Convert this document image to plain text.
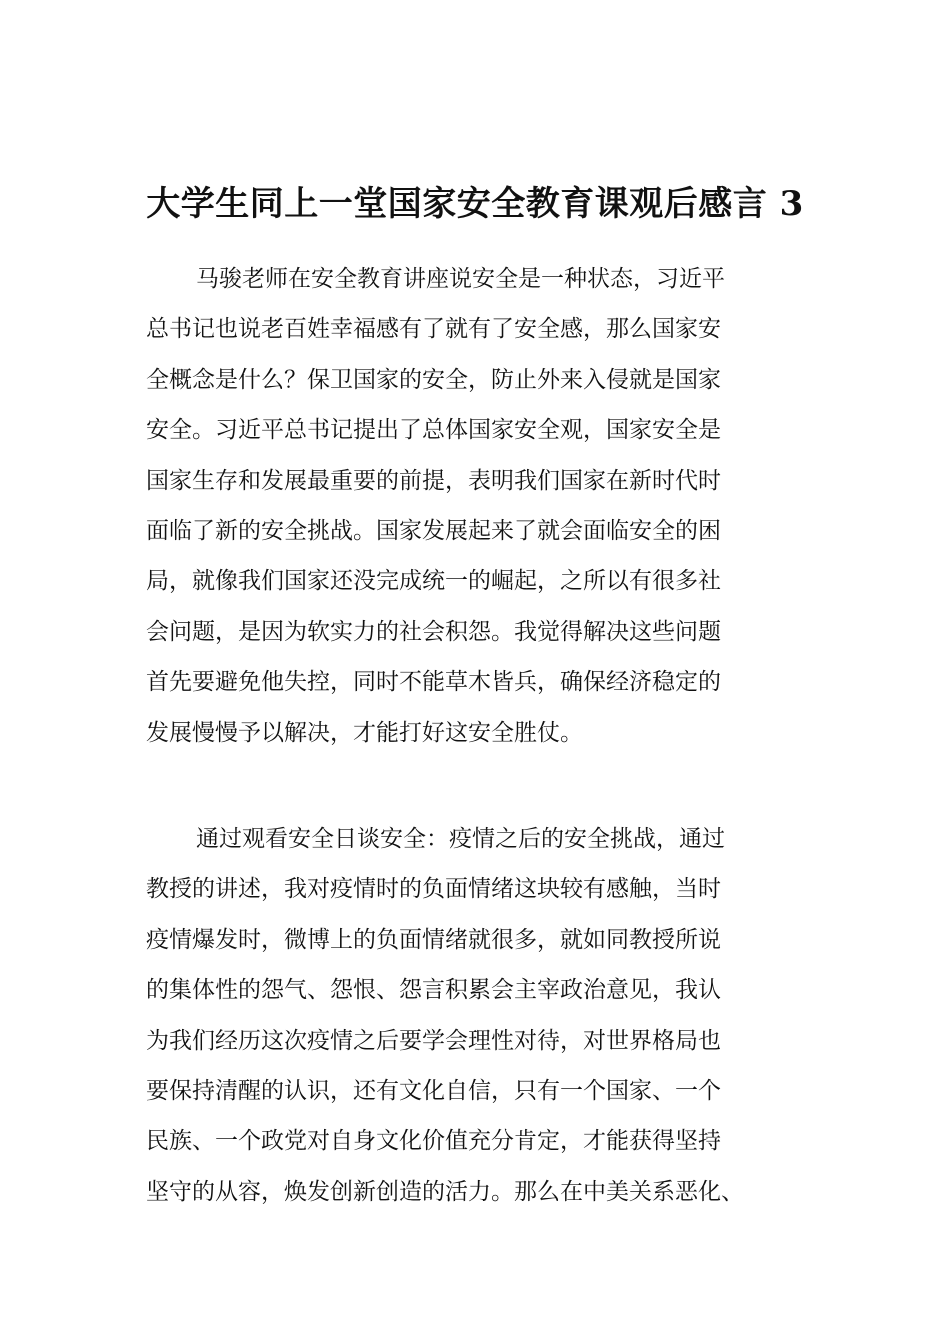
大学生同上一堂国家安全教育课观后感言 3
马骏老师在安全教育讲座说安全是一种状态，习近平
总书记也说老百姓幸福感有了就有了安全感，那么国家安
全概念是什么？保卫国家的安全，防止外来入侵就是国家
安全。习近平总书记提出了总体国家安全观，国家安全是
国家生存和发展最重要的前提，表明我们国家在新时代时
面临了新的安全挑战。国家发展起来了就会面临安全的困
局，就像我们国家还没完成统一的崛起，之所以有很多社
会问题，是因为软实力的社会积怨。我觉得解决这些问题
首先要避免他失控，同时不能草木皆兵，确保经济稳定的
发展慢慢予以解决，才能打好这安全胜仗。
通过观看安全日谈安全：疫情之后的安全挑战，通过
教授的讲述，我对疫情时的负面情绪这块较有感触，当时
疫情爆发时，微博上的负面情绪就很多，就如同教授所说
的集体性的怨气、怨恨、怨言积累会主宰政治意见，我认
为我们经历这次疫情之后要学会理性对待，对世界格局也
要保持清醒的认识，还有文化自信，只有一个国家、一个
民族、一个政党对自身文化价值充分肯定，才能获得坚持
坚守的从容，焕发创新创造的活力。那么在中美关系恶化、
